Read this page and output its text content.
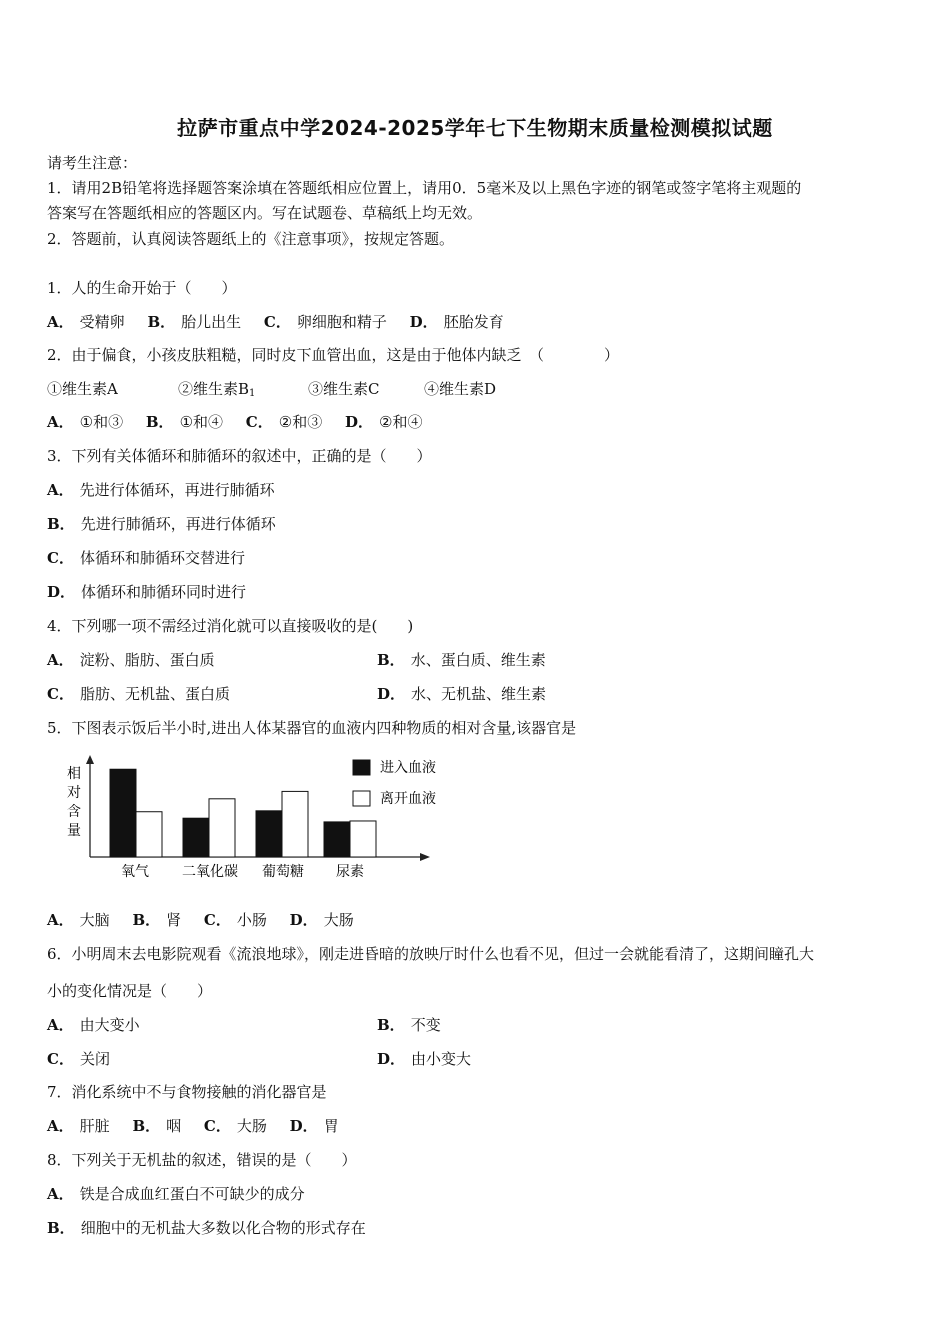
拉萨市重点中学2024-2025学年七下生物期末质量检测模拟试题
请考生注意：
1．请用2B铅笔将选择题答案涂填在答题纸相应位置上，请用0．5毫米及以上黑色字迹的钢笔或签字笔将主观题的
答案写在答题纸相应的答题区内。写在试题卷、草稿纸上均无效。
2．答题前，认真阅读答题纸上的《注意事项》，按规定答题。
1．人的生命开始于（　　）
A． 受精卵 B． 胎儿出生 C． 卵细胞和精子 D． 胚胎发育
2．由于偏食，小孩皮肤粗糙，同时皮下血管出血，这是由于他体内缺乏　（　　　　）
①维生素A	②维生素$B_1$	③维生素C	④维生素D
A． ①和③ B． ①和④ C． ②和③ D． ②和④
3．下列有关体循环和肺循环的叙述中，正确的是（　　）
A． 先进行体循环，再进行肺循环
B． 先进行肺循环，再进行体循环
C． 体循环和肺循环交替进行
D． 体循环和肺循环同时进行
4．下列哪一项不需经过消化就可以直接吸收的是(　　)
A． 淀粉、脂肪、蛋白质	B． 水、蛋白质、维生素
C． 脂肪、无机盐、蛋白质	D． 水、无机盐、维生素
5．下图表示饭后半小时,进出人体某器官的血液内四种物质的相对含量,该器官是
相
对
含
量
氧气 二氧化碳 葡萄糖 尿素
进入血液
离开血液
A． 大脑 B． 肾 C． 小肠 D． 大肠
6．小明周末去电影院观看《流浪地球》，刚走进昏暗的放映厅时什么也看不见，但过一会就能看清了，这期间瞳孔大
小的变化情况是（　　）
A． 由大变小	B． 不变
C． 关闭	D． 由小变大
7．消化系统中不与食物接触的消化器官是
A． 肝脏 B． 咽 C． 大肠 D． 胃
8．下列关于无机盐的叙述，错误的是（　　）
A． 铁是合成血红蛋白不可缺少的成分
B． 细胞中的无机盐大多数以化合物的形式存在
